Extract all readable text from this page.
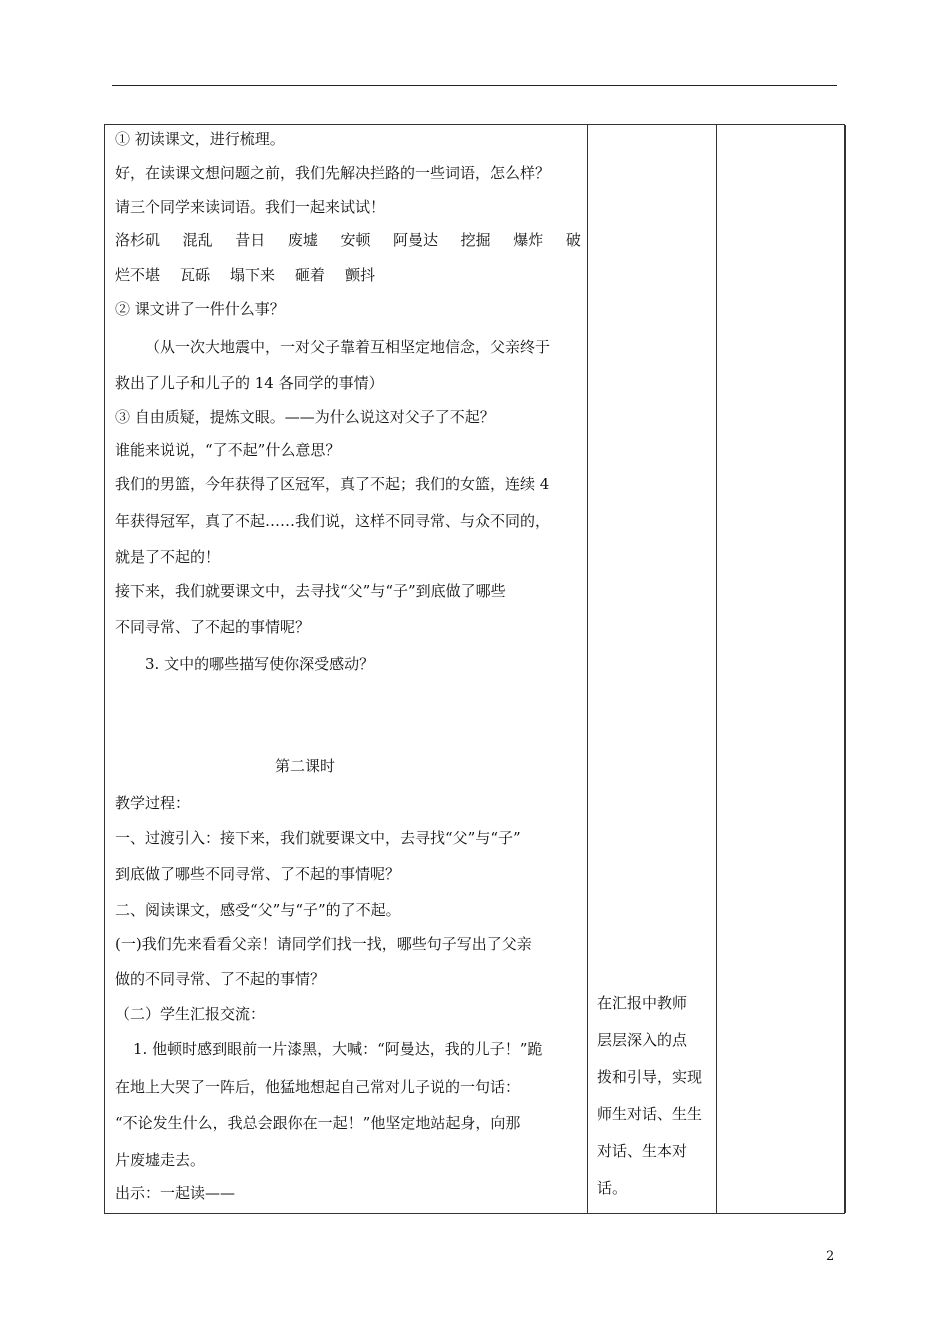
① 初读课文，进行梳理。
好，在读课文想问题之前，我们先解决拦路的一些词语，怎么样？
请三个同学来读词语。我们一起来试试！
洛杉矶 混乱 昔日 废墟 安顿 阿曼达 挖掘 爆炸 破
烂不堪 瓦砾 塌下来 砸着 颤抖
② 课文讲了一件什么事？
（从一次大地震中，一对父子靠着互相坚定地信念，父亲终于
救出了儿子和儿子的 14 各同学的事情）
③ 自由质疑，提炼文眼。——为什么说这对父子了不起？
谁能来说说，“了不起”什么意思？
我们的男篮，今年获得了区冠军，真了不起；我们的女篮，连续 4
年获得冠军，真了不起……我们说，这样不同寻常、与众不同的，
就是了不起的！
接下来，我们就要课文中，去寻找“父”与“子”到底做了哪些
不同寻常、了不起的事情呢？
3. 文中的哪些描写使你深受感动？
第二课时
教学过程：
一、过渡引入：接下来，我们就要课文中，去寻找“父”与“子”
到底做了哪些不同寻常、了不起的事情呢？
二、阅读课文，感受“父”与“子”的了不起。
(一)我们先来看看父亲！请同学们找一找，哪些句子写出了父亲
做的不同寻常、了不起的事情？
（二）学生汇报交流：
1. 他顿时感到眼前一片漆黑，大喊：“阿曼达，我的儿子！”跪
在地上大哭了一阵后，他猛地想起自己常对儿子说的一句话：
“不论发生什么，我总会跟你在一起！”他坚定地站起身，向那
片废墟走去。
出示：一起读——
在汇报中教师
层层深入的点
拨和引导，实现
师生对话、生生
对话、生本对
话。
2
